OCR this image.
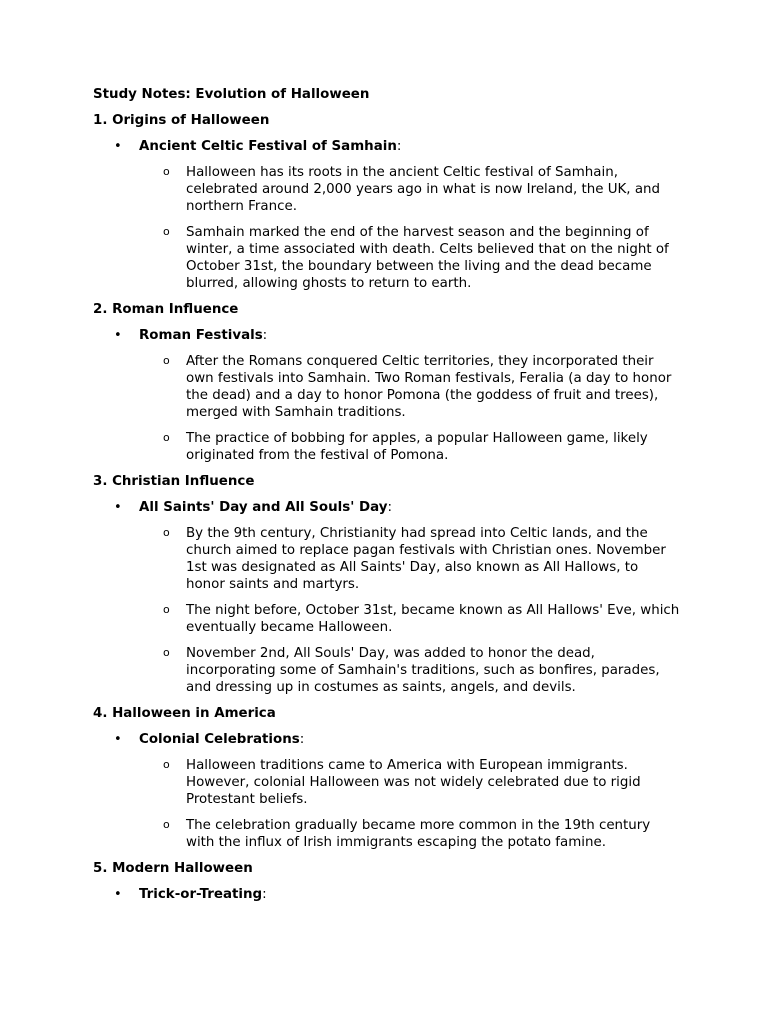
Study Notes: Evolution of Halloween

1. Origins of Halloween

• Ancient Celtic Festival of Samhain:
o Halloween has its roots in the ancient Celtic festival of Samhain, celebrated around 2,000 years ago in what is now Ireland, the UK, and northern France.
o Samhain marked the end of the harvest season and the beginning of winter, a time associated with death. Celts believed that on the night of October 31st, the boundary between the living and the dead became blurred, allowing ghosts to return to earth.

2. Roman Influence

• Roman Festivals:
o After the Romans conquered Celtic territories, they incorporated their own festivals into Samhain. Two Roman festivals, Feralia (a day to honor the dead) and a day to honor Pomona (the goddess of fruit and trees), merged with Samhain traditions.
o The practice of bobbing for apples, a popular Halloween game, likely originated from the festival of Pomona.

3. Christian Influence

• All Saints' Day and All Souls' Day:
o By the 9th century, Christianity had spread into Celtic lands, and the church aimed to replace pagan festivals with Christian ones. November 1st was designated as All Saints' Day, also known as All Hallows, to honor saints and martyrs.
o The night before, October 31st, became known as All Hallows' Eve, which eventually became Halloween.
o November 2nd, All Souls' Day, was added to honor the dead, incorporating some of Samhain's traditions, such as bonfires, parades, and dressing up in costumes as saints, angels, and devils.

4. Halloween in America

• Colonial Celebrations:
o Halloween traditions came to America with European immigrants. However, colonial Halloween was not widely celebrated due to rigid Protestant beliefs.
o The celebration gradually became more common in the 19th century with the influx of Irish immigrants escaping the potato famine.

5. Modern Halloween

• Trick-or-Treating:
